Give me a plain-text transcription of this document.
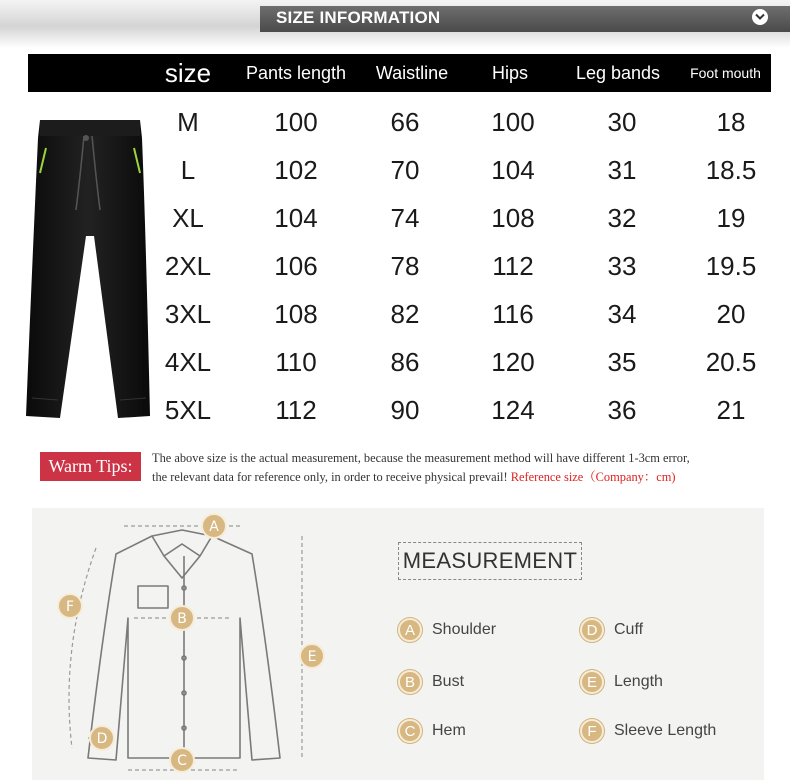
SIZE INFORMATION
size	Pants length	Waistline	Hips	Leg bands	Foot mouth
M	100	66	100	30	18
L	102	70	104	31	18.5
XL	104	74	108	32	19
2XL	106	78	112	33	19.5
3XL	108	82	116	34	20
4XL	110	86	120	35	20.5
5XL	112	90	124	36	21
Warm Tips:	The above size is the actual measurement, because the measurement method will have different 1-3cm error,
the relevant data for reference only, in order to receive physical prevail! Reference size（Company：cm)
A
B
C
D
E
F
MEASUREMENT
A	Shoulder
B	Bust
C	Hem
D	Cuff
E	Length
F	Sleeve Length
